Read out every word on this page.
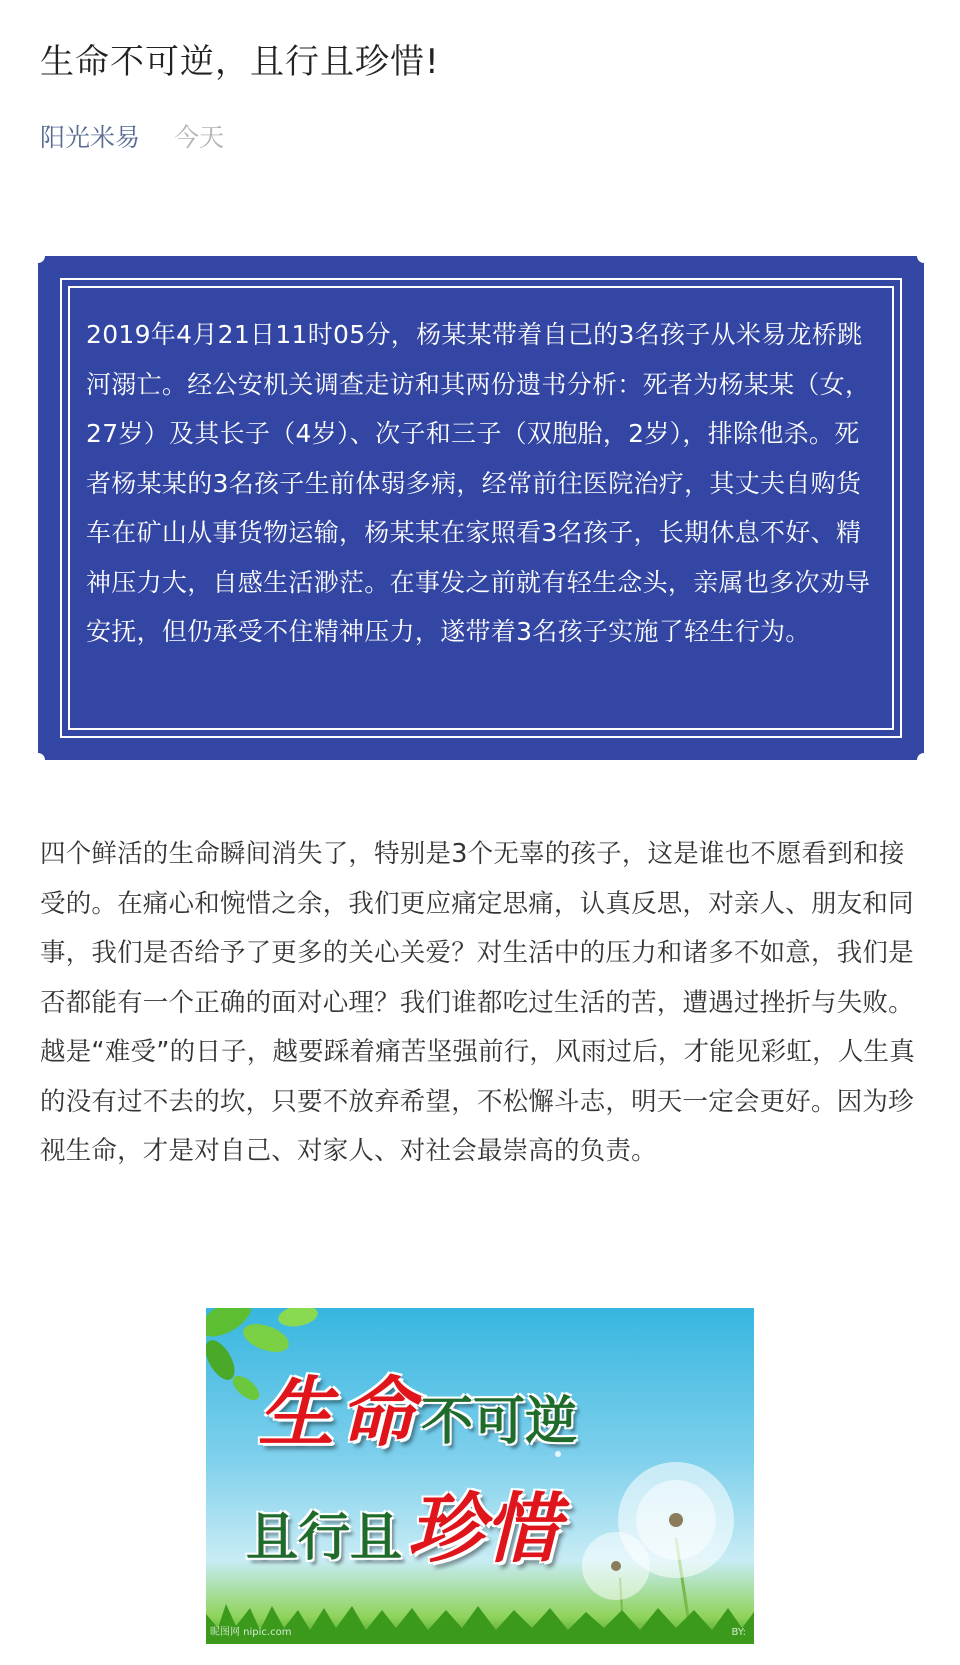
生命不可逆，且行且珍惜!
阳光米易 今天
2019年4月21日11时05分，杨某某带着自己的3名孩子从米易龙桥跳河溺亡。经公安机关调查走访和其两份遗书分析：死者为杨某某（女，27岁）及其长子（4岁）、次子和三子（双胞胎，2岁），排除他杀。死者杨某某的3名孩子生前体弱多病，经常前往医院治疗，其丈夫自购货车在矿山从事货物运输，杨某某在家照看3名孩子，长期休息不好、精神压力大，自感生活渺茫。在事发之前就有轻生念头，亲属也多次劝导安抚，但仍承受不住精神压力，遂带着3名孩子实施了轻生行为。
四个鲜活的生命瞬间消失了，特别是3个无辜的孩子，这是谁也不愿看到和接受的。在痛心和惋惜之余，我们更应痛定思痛，认真反思，对亲人、朋友和同事，我们是否给予了更多的关心关爱？对生活中的压力和诸多不如意，我们是否都能有一个正确的面对心理？我们谁都吃过生活的苦，遭遇过挫折与失败。越是“难受”的日子，越要踩着痛苦坚强前行，风雨过后，才能见彩虹，人生真的没有过不去的坎，只要不放弃希望，不松懈斗志，明天一定会更好。因为珍视生命，才是对自己、对家人、对社会最崇高的负责。
生 命 不可逆
且行且 珍惜
昵图网 nipic.com	BY:
